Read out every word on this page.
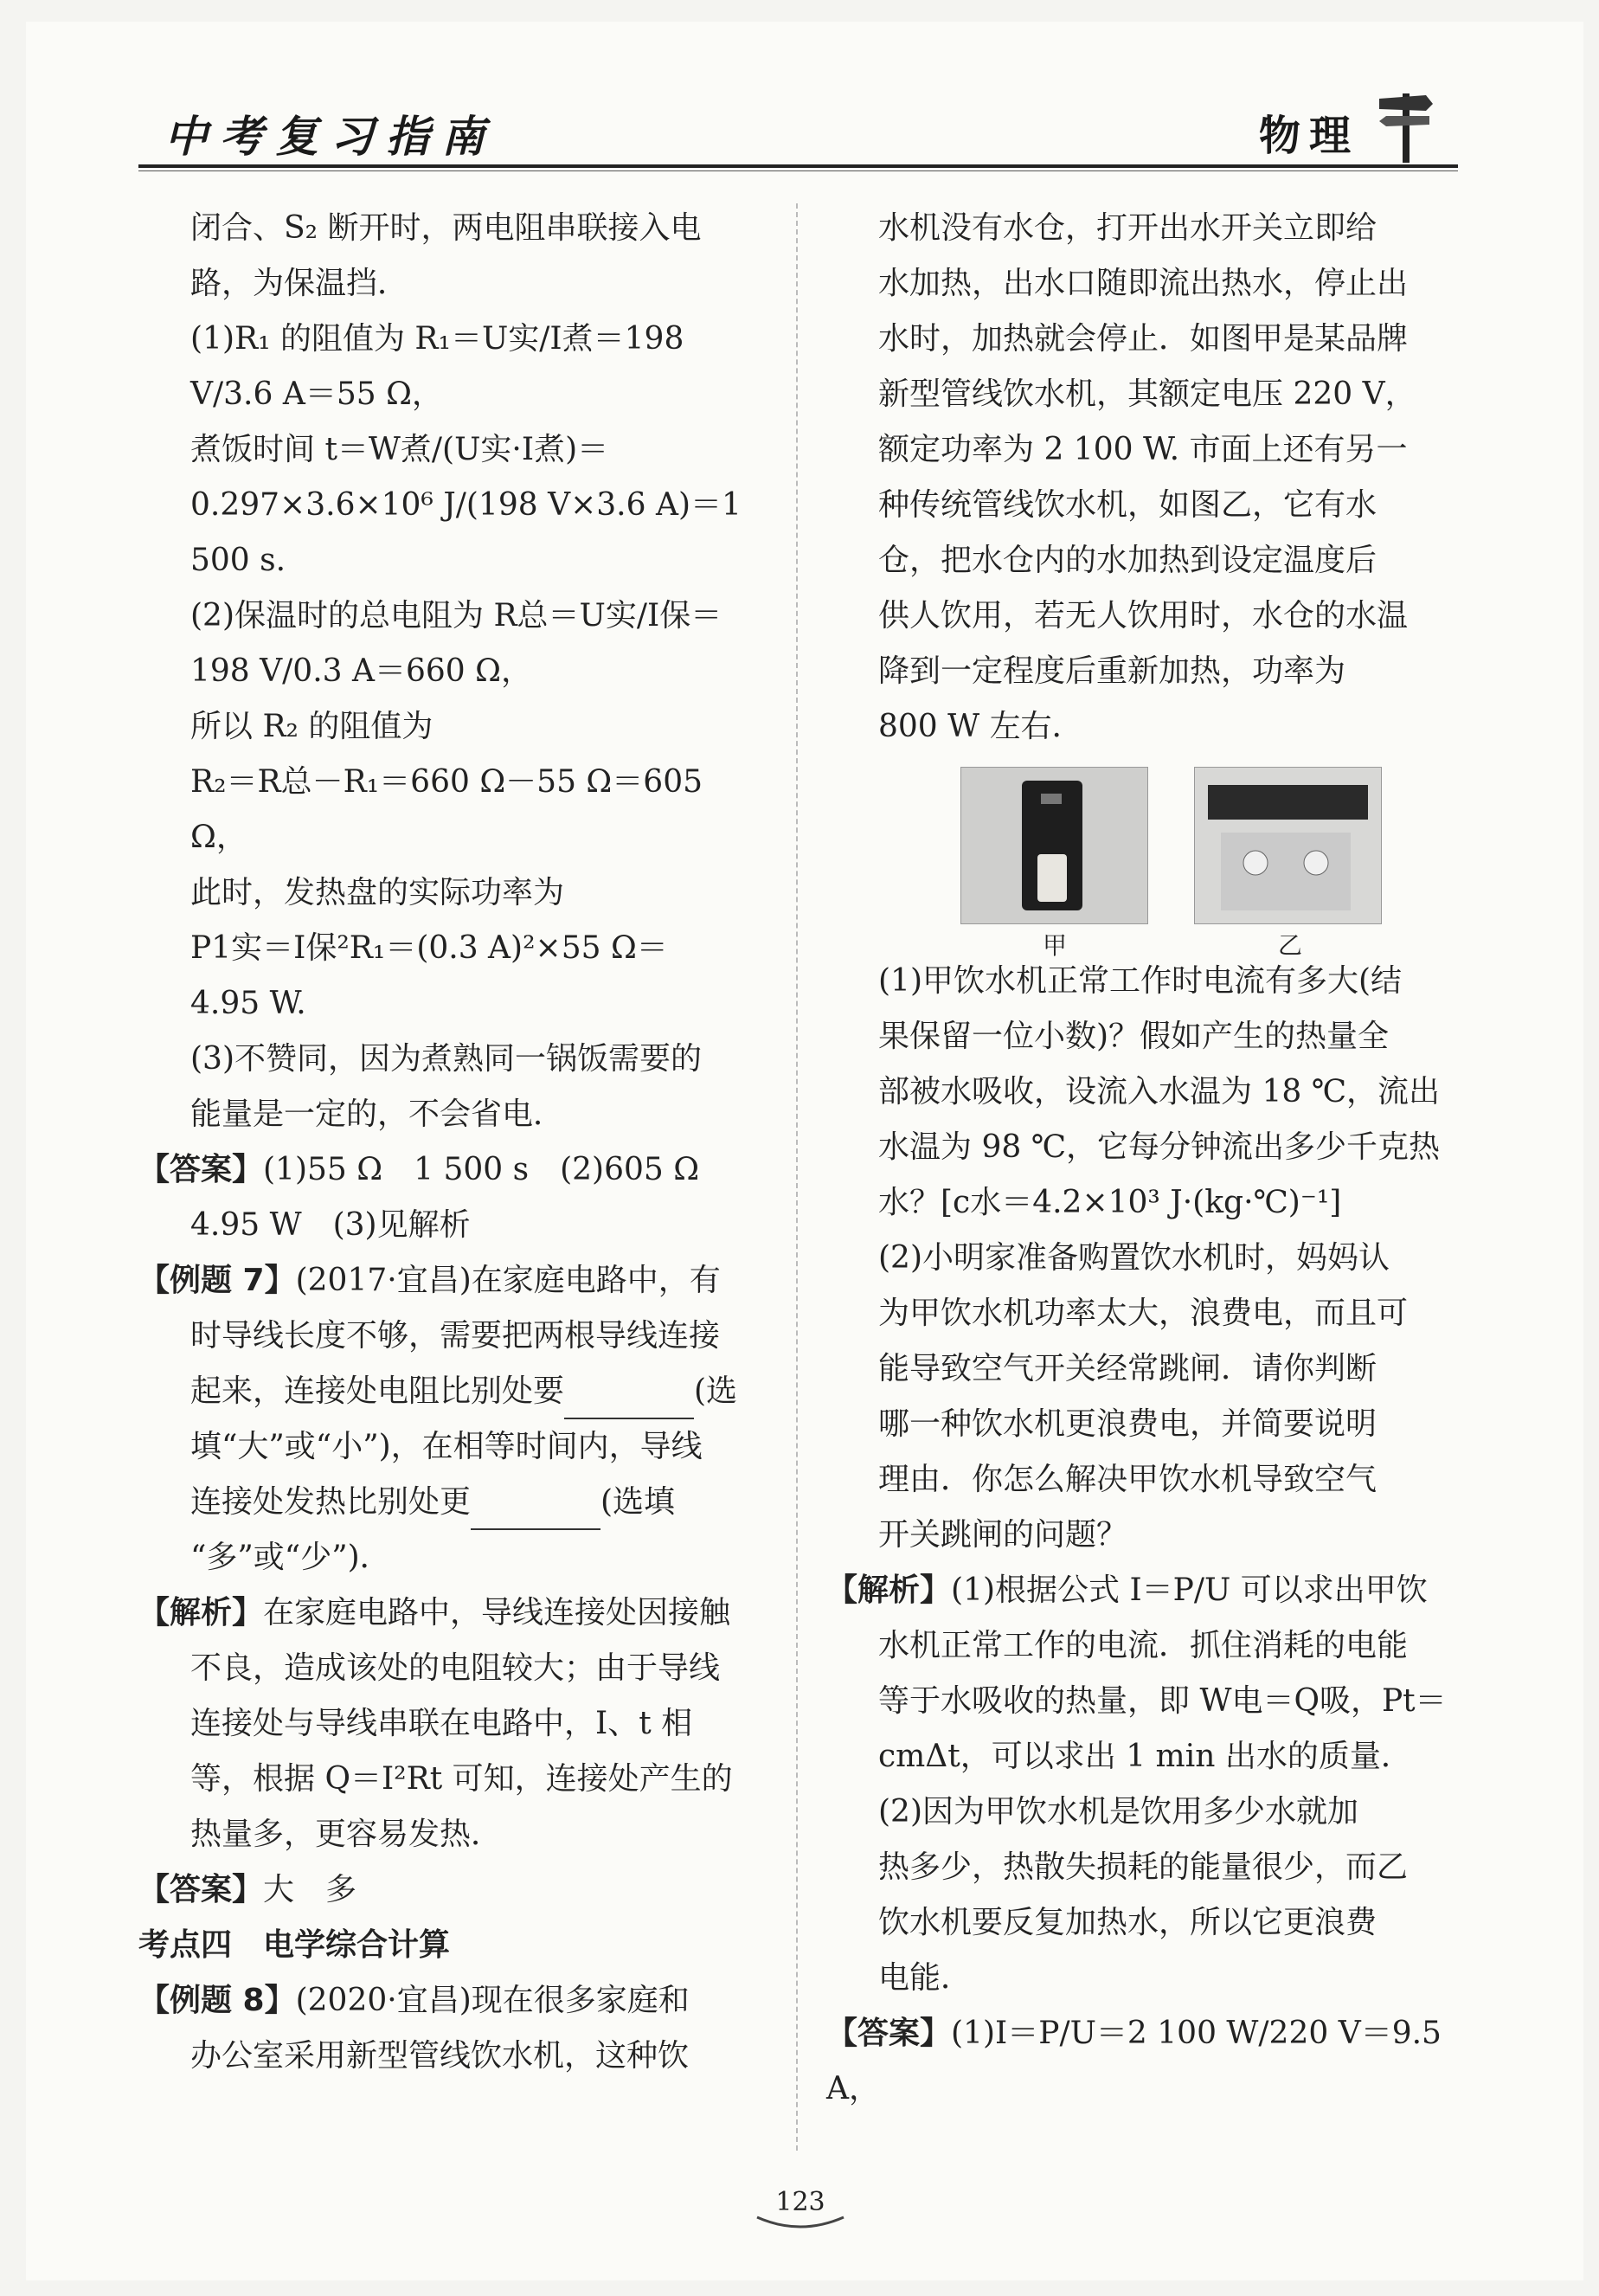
中考复习指南	物理

闭合、S₂ 断开时，两电阻串联接入电

路，为保温挡．

(1)R₁ 的阻值为 R₁＝U实/I煮＝198 V/3.6 A＝55 Ω，

煮饭时间 t＝W煮/(U实·I煮)＝

0.297×3.6×10⁶ J/(198 V×3.6 A)＝1 500 s.

(2)保温时的总电阻为 R总＝U实/I保＝

198 V/0.3 A＝660 Ω，

所以 R₂ 的阻值为

R₂＝R总－R₁＝660 Ω－55 Ω＝605 Ω，

此时，发热盘的实际功率为

P1实＝I保²R₁＝(0.3 A)²×55 Ω＝

4.95 W.

(3)不赞同，因为煮熟同一锅饭需要的

能量是一定的，不会省电．

【答案】(1)55 Ω　1 500 s　(2)605 Ω

4.95 W　(3)见解析

【例题 7】(2017·宜昌)在家庭电路中，有

时导线长度不够，需要把两根导线连接

起来，连接处电阻比别处要	(选

填“大”或“小”)，在相等时间内，导线

连接处发热比别处更	(选填

“多”或“少”)．

【解析】在家庭电路中，导线连接处因接触

不良，造成该处的电阻较大；由于导线

连接处与导线串联在电路中，I、t 相

等，根据 Q＝I²Rt 可知，连接处产生的

热量多，更容易发热．

【答案】大　多

考点四　电学综合计算

【例题 8】(2020·宜昌)现在很多家庭和

办公室采用新型管线饮水机，这种饮

水机没有水仓，打开出水开关立即给

水加热，出水口随即流出热水，停止出

水时，加热就会停止．如图甲是某品牌

新型管线饮水机，其额定电压 220 V，

额定功率为 2 100 W. 市面上还有另一

种传统管线饮水机，如图乙，它有水

仓，把水仓内的水加热到设定温度后

供人饮用，若无人饮用时，水仓的水温

降到一定程度后重新加热，功率为

800 W 左右．

甲	乙

(1)甲饮水机正常工作时电流有多大(结

果保留一位小数)？假如产生的热量全

部被水吸收，设流入水温为 18 ℃，流出

水温为 98 ℃，它每分钟流出多少千克热

水？[c水＝4.2×10³ J·(kg·℃)⁻¹]

(2)小明家准备购置饮水机时，妈妈认

为甲饮水机功率太大，浪费电，而且可

能导致空气开关经常跳闸．请你判断

哪一种饮水机更浪费电，并简要说明

理由．你怎么解决甲饮水机导致空气

开关跳闸的问题？

【解析】(1)根据公式 I＝P/U 可以求出甲饮

水机正常工作的电流．抓住消耗的电能

等于水吸收的热量，即 W电＝Q吸，Pt＝

cmΔt，可以求出 1 min 出水的质量．

(2)因为甲饮水机是饮用多少水就加

热多少，热散失损耗的能量很少，而乙

饮水机要反复加热水，所以它更浪费

电能．

【答案】(1)I＝P/U＝2 100 W/220 V＝9.5 A，

123
